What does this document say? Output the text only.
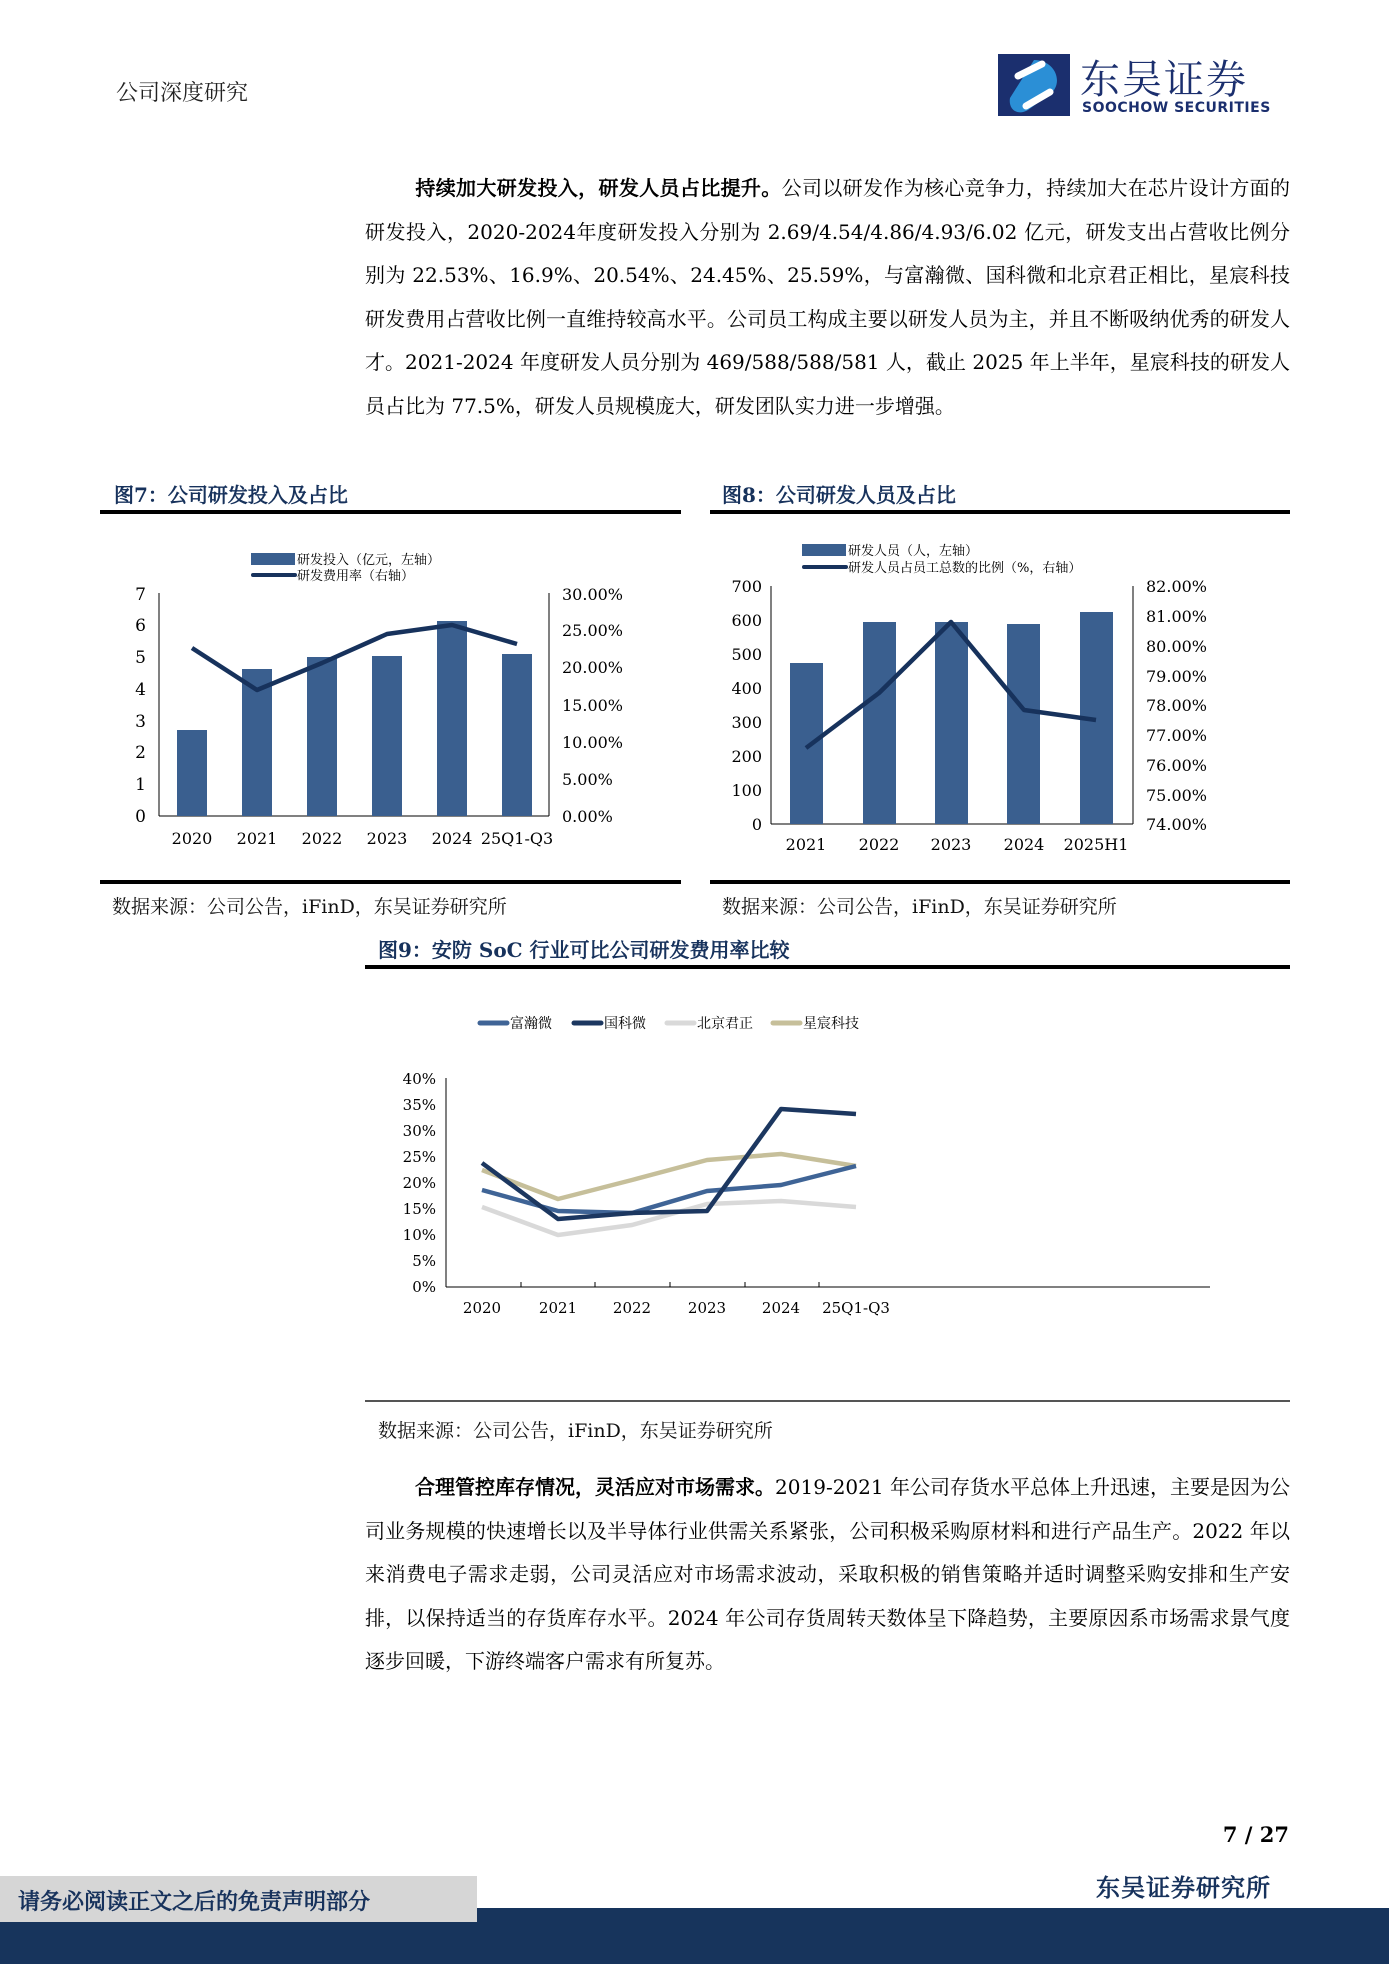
公司深度研究	东吴证券
SOOCHOW SECURITIES
持续加大研发投入，研发人员占比提升。公司以研发作为核心竞争力，持续加大在芯片设计方面的研发投入，2020-2024年度研发投入分别为 2.69/4.54/4.86/4.93/6.02 亿元，研发支出占营收比例分别为 22.53%、16.9%、20.54%、24.45%、25.59%，与富瀚微、国科微和北京君正相比，星宸科技研发费用占营收比例一直维持较高水平。公司员工构成主要以研发人员为主，并且不断吸纳优秀的研发人才。2021-2024 年度研发人员分别为 469/588/588/581 人，截止 2025 年上半年，星宸科技的研发人员占比为 77.5%，研发人员规模庞大，研发团队实力进一步增强。
图7：公司研发投入及占比
研发投入（亿元，左轴）
研发费用率（右轴）
0
1
2
3
4
5
6
7
0.00%
5.00%
10.00%
15.00%
20.00%
25.00%
30.00%
2020 2021 2022 2023 2024 25Q1-Q3
数据来源：公司公告，iFinD，东吴证券研究所
图8：公司研发人员及占比
研发人员（人，左轴）
研发人员占员工总数的比例（%，右轴）
0
100
200
300
400
500
600
700
74.00%
75.00%
76.00%
77.00%
78.00%
79.00%
80.00%
81.00%
82.00%
2021 2022 2023 2024 2025H1
数据来源：公司公告，iFinD，东吴证券研究所
图9：安防 SoC 行业可比公司研发费用率比较
富瀚微	国科微	北京君正	星宸科技
0%
5%
10%
15%
20%
25%
30%
35%
40%
2020	2021 2022 2023 2024 25Q1-Q3
数据来源：公司公告，iFinD，东吴证券研究所
合理管控库存情况，灵活应对市场需求。2019-2021 年公司存货水平总体上升迅速，主要是因为公司业务规模的快速增长以及半导体行业供需关系紧张，公司积极采购原材料和进行产品生产。2022 年以来消费电子需求走弱，公司灵活应对市场需求波动，采取积极的销售策略并适时调整采购安排和生产安排，以保持适当的存货库存水平。2024 年公司存货周转天数体呈下降趋势，主要原因系市场需求景气度逐步回暖，下游终端客户需求有所复苏。
7 / 27
东吴证券研究所
请务必阅读正文之后的免责声明部分
